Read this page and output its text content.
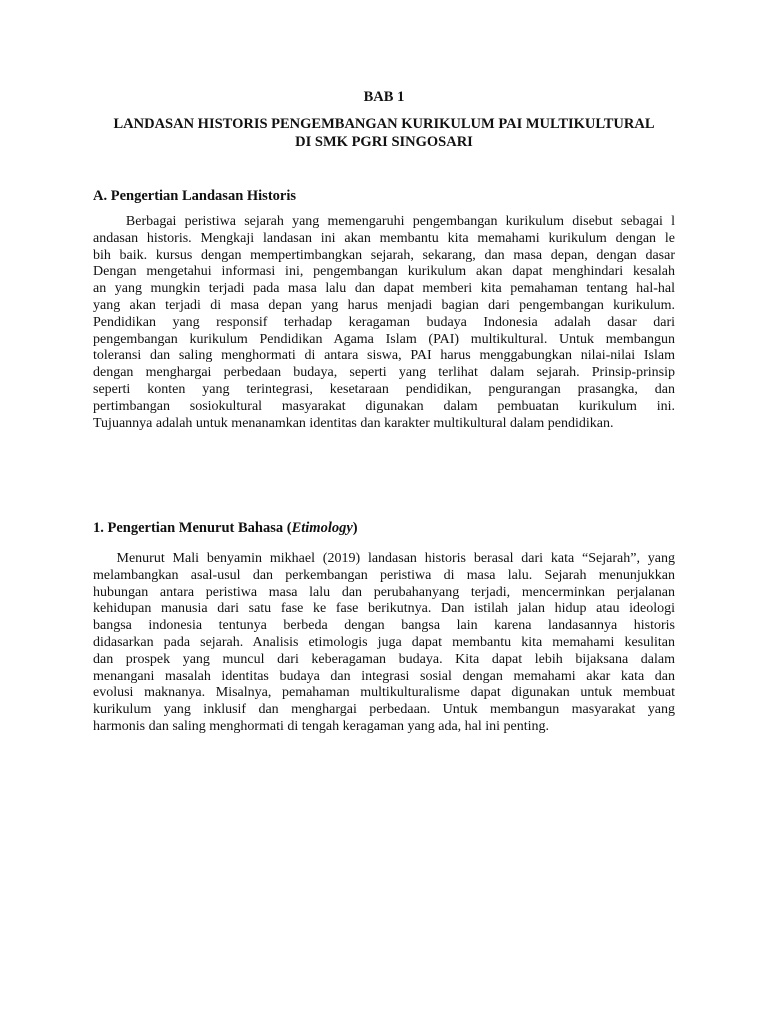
BAB 1
LANDASAN HISTORIS PENGEMBANGAN KURIKULUM PAI MULTIKULTURAL
DI SMK PGRI SINGOSARI
A. Pengertian Landasan Historis
Berbagai peristiwa sejarah yang memengaruhi pengembangan kurikulum disebut sebagai l
andasan historis. Mengkaji landasan ini akan membantu kita memahami kurikulum dengan le
bih baik. kursus dengan mempertimbangkan sejarah, sekarang, dan masa depan, dengan dasar
Dengan mengetahui informasi ini, pengembangan kurikulum akan dapat menghindari kesalah
an yang mungkin terjadi pada masa lalu dan dapat memberi kita pemahaman tentang hal-hal
yang akan terjadi di masa depan yang harus menjadi bagian dari pengembangan kurikulum.
Pendidikan yang responsif terhadap keragaman budaya Indonesia adalah dasar dari
pengembangan kurikulum Pendidikan Agama Islam (PAI) multikultural. Untuk membangun
toleransi dan saling menghormati di antara siswa, PAI harus menggabungkan nilai-nilai Islam
dengan menghargai perbedaan budaya, seperti yang terlihat dalam sejarah. Prinsip-prinsip
seperti konten yang terintegrasi, kesetaraan pendidikan, pengurangan prasangka, dan
pertimbangan sosiokultural masyarakat digunakan dalam pembuatan kurikulum ini.
Tujuannya adalah untuk menanamkan identitas dan karakter multikultural dalam pendidikan.
1. Pengertian Menurut Bahasa (Etimology)
Menurut Mali benyamin mikhael (2019) landasan historis berasal dari kata “Sejarah”, yang
melambangkan asal-usul dan perkembangan peristiwa di masa lalu. Sejarah menunjukkan
hubungan antara peristiwa masa lalu dan perubahanyang terjadi, mencerminkan perjalanan
kehidupan manusia dari satu fase ke fase berikutnya. Dan istilah jalan hidup atau ideologi
bangsa indonesia tentunya berbeda dengan bangsa lain karena landasannya historis
didasarkan pada sejarah. Analisis etimologis juga dapat membantu kita memahami kesulitan
dan prospek yang muncul dari keberagaman budaya. Kita dapat lebih bijaksana dalam
menangani masalah identitas budaya dan integrasi sosial dengan memahami akar kata dan
evolusi maknanya. Misalnya, pemahaman multikulturalisme dapat digunakan untuk membuat
kurikulum yang inklusif dan menghargai perbedaan. Untuk membangun masyarakat yang
harmonis dan saling menghormati di tengah keragaman yang ada, hal ini penting.
